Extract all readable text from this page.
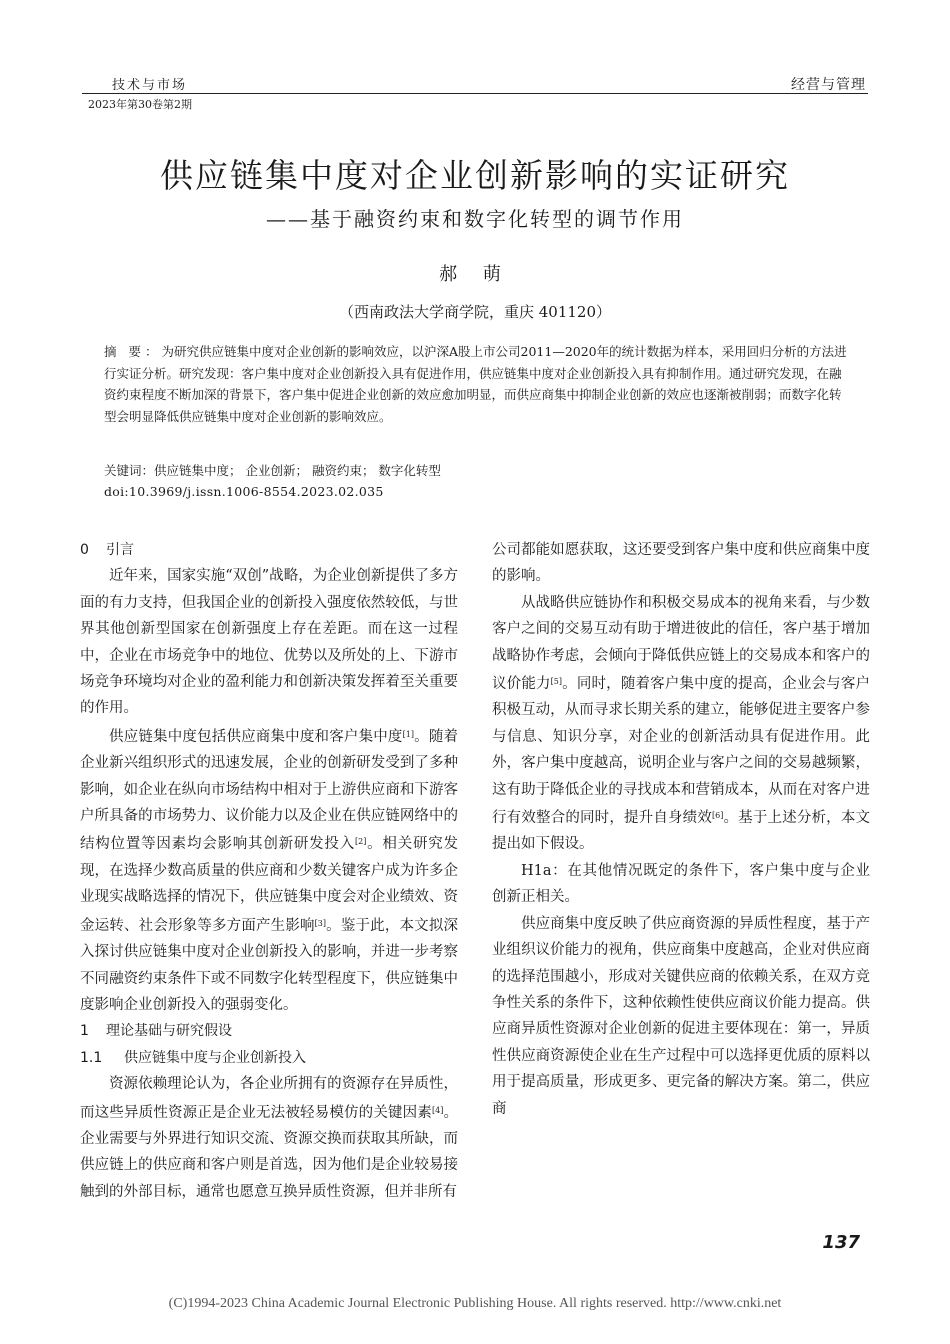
技术与市场	经营与管理
2023年第30卷第2期
供应链集中度对企业创新影响的实证研究
——基于融资约束和数字化转型的调节作用
郝 萌
（西南政法大学商学院，重庆 401120）
摘 要：为研究供应链集中度对企业创新的影响效应，以沪深A股上市公司2011—2020年的统计数据为样本，采用回归分析的方法进行实证分析。研究发现：客户集中度对企业创新投入具有促进作用，供应链集中度对企业创新投入具有抑制作用。通过研究发现，在融资约束程度不断加深的背景下，客户集中促进企业创新的效应愈加明显，而供应商集中抑制企业创新的效应也逐渐被削弱；而数字化转型会明显降低供应链集中度对企业创新的影响效应。
关键词：供应链集中度； 企业创新； 融资约束； 数字化转型
doi:10.3969/j.issn.1006-8554.2023.02.035
0 引言

近年来，国家实施“双创”战略，为企业创新提供了多方面的有力支持，但我国企业的创新投入强度依然较低，与世界其他创新型国家在创新强度上存在差距。而在这一过程中，企业在市场竞争中的地位、优势以及所处的上、下游市场竞争环境均对企业的盈利能力和创新决策发挥着至关重要的作用。

供应链集中度包括供应商集中度和客户集中度[1]。随着企业新兴组织形式的迅速发展，企业的创新研发受到了多种影响，如企业在纵向市场结构中相对于上游供应商和下游客户所具备的市场势力、议价能力以及企业在供应链网络中的结构位置等因素均会影响其创新研发投入[2]。相关研究发现，在选择少数高质量的供应商和少数关键客户成为许多企业现实战略选择的情况下，供应链集中度会对企业绩效、资金运转、社会形象等多方面产生影响[3]。鉴于此，本文拟深入探讨供应链集中度对企业创新投入的影响，并进一步考察不同融资约束条件下或不同数字化转型程度下，供应链集中度影响企业创新投入的强弱变化。

1 理论基础与研究假设
1.1 供应链集中度与企业创新投入

资源依赖理论认为，各企业所拥有的资源存在异质性，而这些异质性资源正是企业无法被轻易模仿的关键因素[4]。企业需要与外界进行知识交流、资源交换而获取其所缺，而供应链上的供应商和客户则是首选，因为他们是企业较易接触到的外部目标，通常也愿意互换异质性资源，但并非所有

公司都能如愿获取，这还要受到客户集中度和供应商集中度的影响。

从战略供应链协作和积极交易成本的视角来看，与少数客户之间的交易互动有助于增进彼此的信任，客户基于增加战略协作考虑，会倾向于降低供应链上的交易成本和客户的议价能力[5]。同时，随着客户集中度的提高，企业会与客户积极互动，从而寻求长期关系的建立，能够促进主要客户参与信息、知识分享，对企业的创新活动具有促进作用。此外，客户集中度越高，说明企业与客户之间的交易越频繁，这有助于降低企业的寻找成本和营销成本，从而在对客户进行有效整合的同时，提升自身绩效[6]。基于上述分析，本文提出如下假设。

H1a：在其他情况既定的条件下，客户集中度与企业创新正相关。

供应商集中度反映了供应商资源的异质性程度，基于产业组织议价能力的视角，供应商集中度越高，企业对供应商的选择范围越小，形成对关键供应商的依赖关系，在双方竞争性关系的条件下，这种依赖性使供应商议价能力提高。供应商异质性资源对企业创新的促进主要体现在：第一，异质性供应商资源使企业在生产过程中可以选择更优质的原料以用于提高质量，形成更多、更完备的解决方案。第二，供应商

137
(C)1994-2023 China Academic Journal Electronic Publishing House. All rights reserved. http://www.cnki.net
